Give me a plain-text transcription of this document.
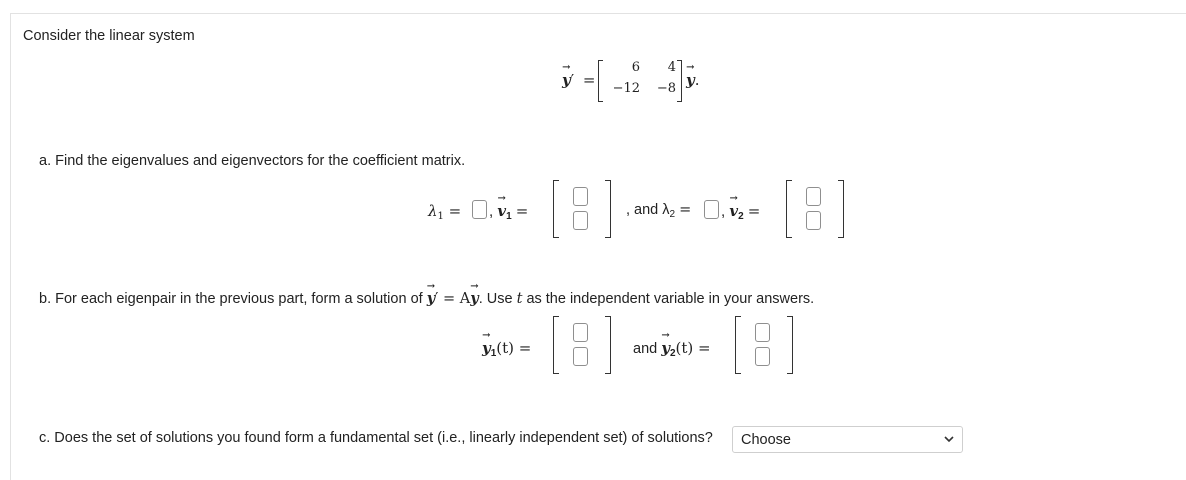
Consider the linear system
→ y′ =
6	4
−12 −8 → y.
a. Find the eigenvalues and eigenvectors for the coefficient matrix.
$\lambda_1$ = , → $v_1$ =	, and $\lambda_2$ = , → $v_2$ =
b. For each eigenpair in the previous part, form a solution of → y′ = A→ y. Use t as the independent variable in your answers.
→ $y_1(t)$ =	and → $y_2(t)$ =
c. Does the set of solutions you found form a fundamental set (i.e., linearly independent set) of solutions? Choose
